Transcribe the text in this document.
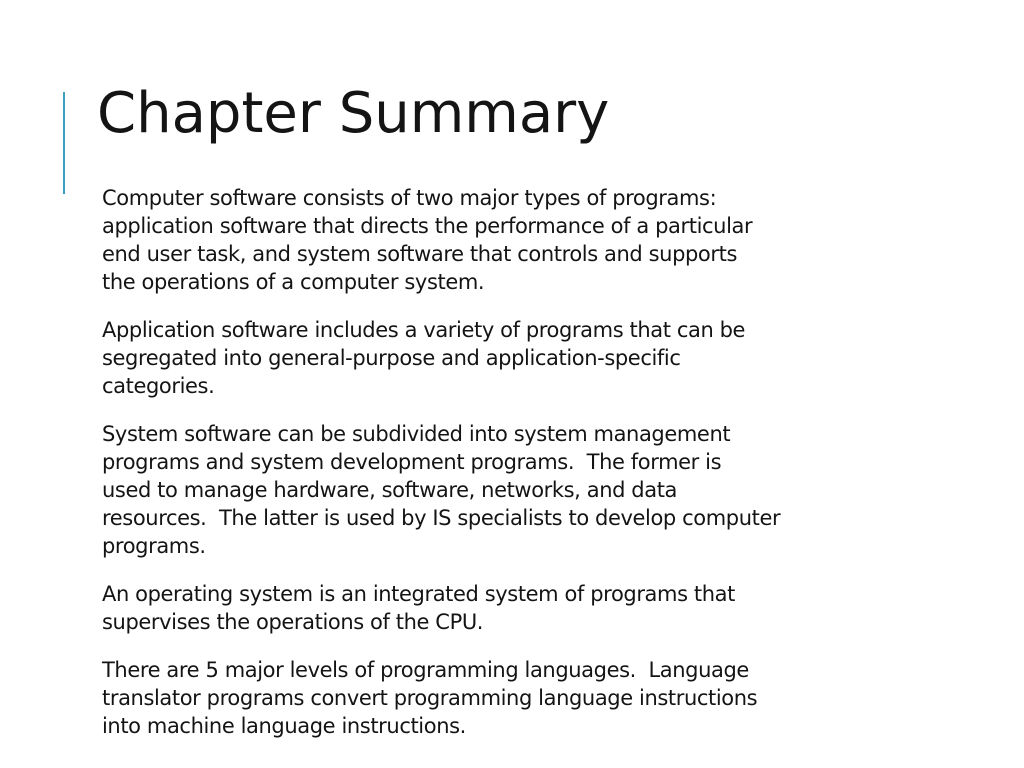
Chapter Summary

Computer software consists of two major types of programs:
application software that directs the performance of a particular
end user task, and system software that controls and supports
the operations of a computer system.

Application software includes a variety of programs that can be
segregated into general-purpose and application-specific
categories.

System software can be subdivided into system management
programs and system development programs.  The former is
used to manage hardware, software, networks, and data
resources.  The latter is used by IS specialists to develop computer
programs.

An operating system is an integrated system of programs that
supervises the operations of the CPU.

There are 5 major levels of programming languages.  Language
translator programs convert programming language instructions
into machine language instructions.
